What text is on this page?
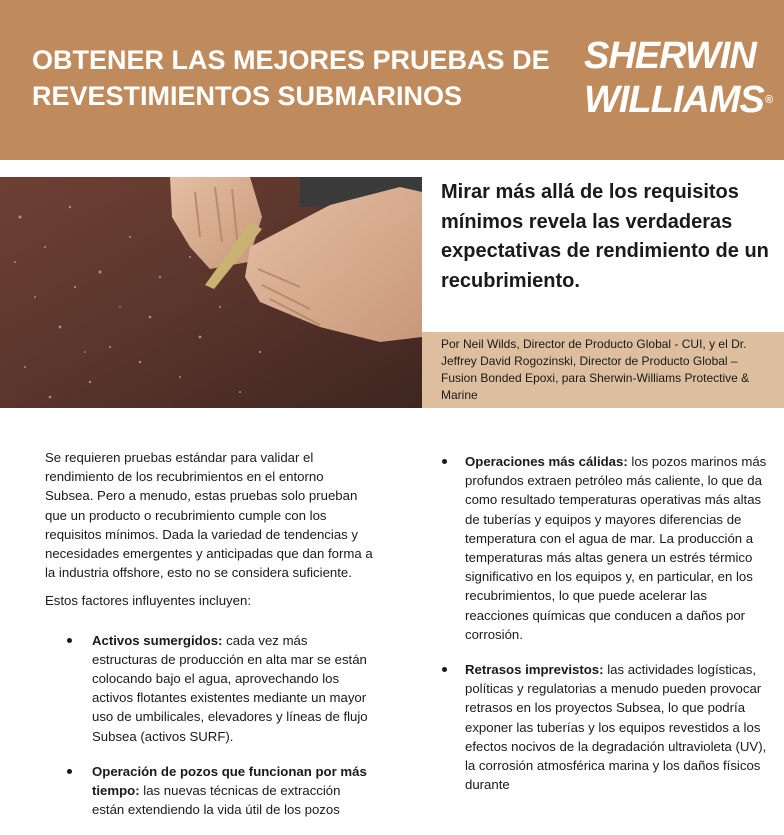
OBTENER LAS MEJORES PRUEBAS DE REVESTIMIENTOS SUBMARINOS
SHERWIN
WILLIAMS®
Mirar más allá de los requisitos mínimos revela las verdaderas expectativas de rendimiento de un recubrimiento.
Por Neil Wilds, Director de Producto Global - CUI, y el Dr. Jeffrey David Rogozinski, Director de Producto Global – Fusion Bonded Epoxi, para Sherwin-Williams Protective & Marine

Se requieren pruebas estándar para validar el rendimiento de los recubrimientos en el entorno Subsea. Pero a menudo, estas pruebas solo prueban que un producto o recubrimiento cumple con los requisitos mínimos. Dada la variedad de tendencias y necesidades emergentes y anticipadas que dan forma a la industria offshore, esto no se considera suficiente.

Estos factores influyentes incluyen:

Activos sumergidos: cada vez más estructuras de producción en alta mar se están colocando bajo el agua, aprovechando los activos flotantes existentes mediante un mayor uso de umbilicales, elevadores y líneas de flujo Subsea (activos SURF).
Operación de pozos que funcionan por más tiempo: las nuevas técnicas de extracción están extendiendo la vida útil de los pozos
Operaciones más cálidas: los pozos marinos más profundos extraen petróleo más caliente, lo que da como resultado temperaturas operativas más altas de tuberías y equipos y mayores diferencias de temperatura con el agua de mar. La producción a temperaturas más altas genera un estrés térmico significativo en los equipos y, en particular, en los recubrimientos, lo que puede acelerar las reacciones químicas que conducen a daños por corrosión.
Retrasos imprevistos: las actividades logísticas, políticas y regulatorias a menudo pueden provocar retrasos en los proyectos Subsea, lo que podría exponer las tuberías y los equipos revestidos a los efectos nocivos de la degradación ultravioleta (UV), la corrosión atmosférica marina y los daños físicos durante
